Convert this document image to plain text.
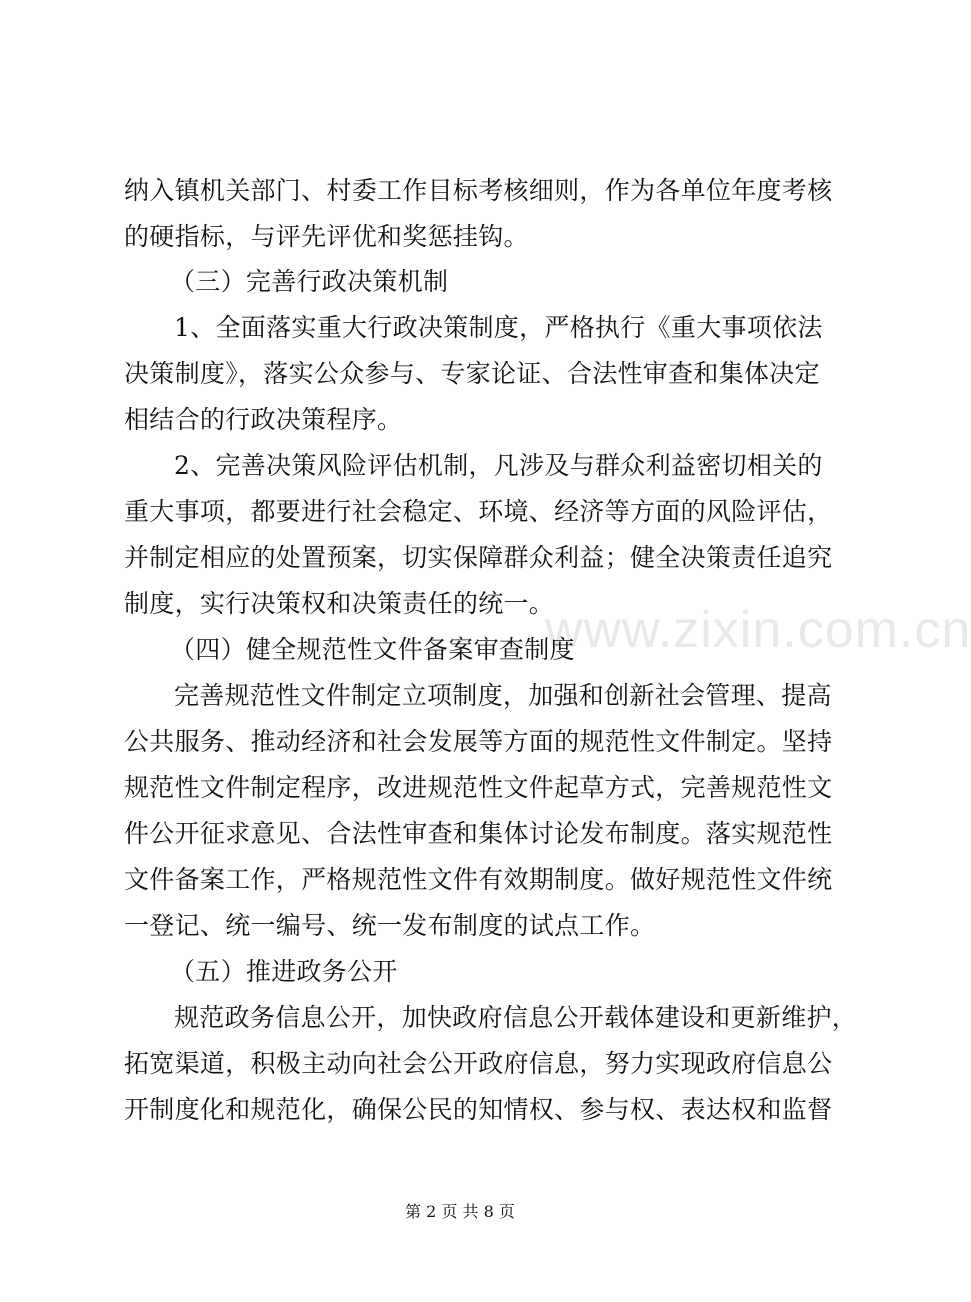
www.zixin.com.cn

纳入镇机关部门、村委工作目标考核细则，作为各单位年度考核

的硬指标，与评先评优和奖惩挂钩。

（三）完善行政决策机制

1、全面落实重大行政决策制度，严格执行《重大事项依法

决策制度》，落实公众参与、专家论证、合法性审查和集体决定

相结合的行政决策程序。

2、完善决策风险评估机制，凡涉及与群众利益密切相关的

重大事项，都要进行社会稳定、环境、经济等方面的风险评估，

并制定相应的处置预案，切实保障群众利益；健全决策责任追究

制度，实行决策权和决策责任的统一。

（四）健全规范性文件备案审查制度

完善规范性文件制定立项制度，加强和创新社会管理、提高

公共服务、推动经济和社会发展等方面的规范性文件制定。坚持

规范性文件制定程序，改进规范性文件起草方式，完善规范性文

件公开征求意见、合法性审查和集体讨论发布制度。落实规范性

文件备案工作，严格规范性文件有效期制度。做好规范性文件统

一登记、统一编号、统一发布制度的试点工作。

（五）推进政务公开

规范政务信息公开，加快政府信息公开载体建设和更新维护，

拓宽渠道，积极主动向社会公开政府信息，努力实现政府信息公

开制度化和规范化，确保公民的知情权、参与权、表达权和监督

第 2 页 共 8 页
